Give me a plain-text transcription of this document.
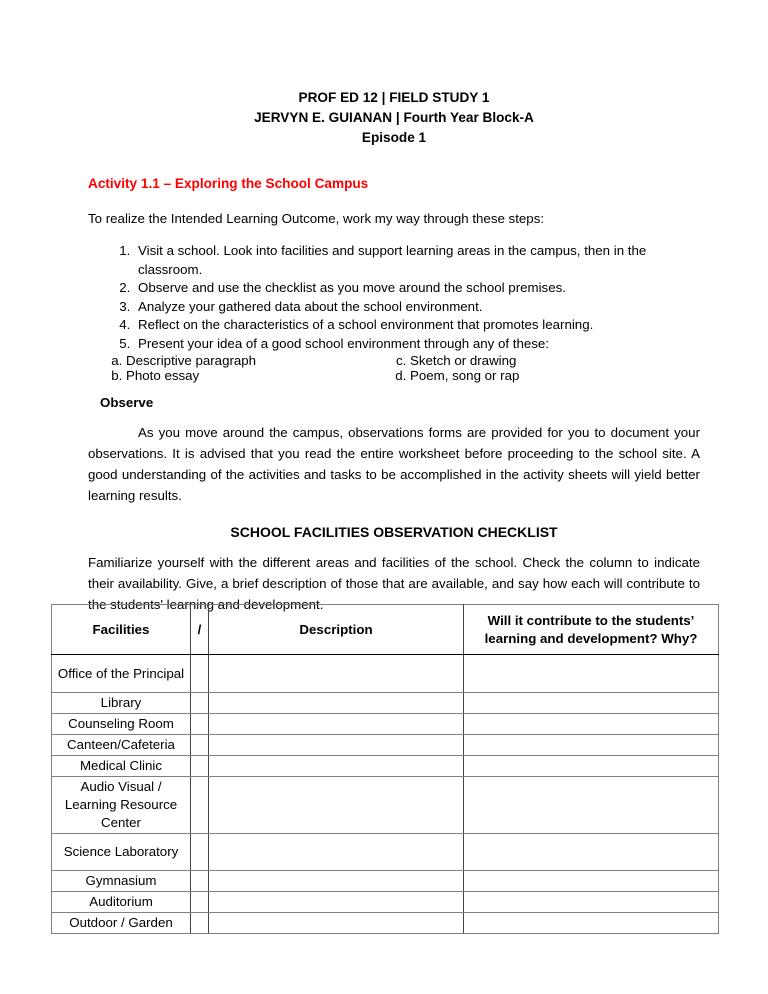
PROF ED 12 | FIELD STUDY 1
JERVYN E. GUIANAN | Fourth Year Block-A
Episode 1
Activity 1.1 – Exploring the School Campus
To realize the Intended Learning Outcome, work my way through these steps:
1. Visit a school. Look into facilities and support learning areas in the campus, then in the classroom.
2. Observe and use the checklist as you move around the school premises.
3. Analyze your gathered data about the school environment.
4. Reflect on the characteristics of a school environment that promotes learning.
5. Present your idea of a good school environment through any of these:
a. Descriptive paragraph
b. Photo essay
c. Sketch or drawing
d. Poem, song or rap
Observe
As you move around the campus, observations forms are provided for you to document your observations. It is advised that you read the entire worksheet before proceeding to the school site. A good understanding of the activities and tasks to be accomplished in the activity sheets will yield better learning results.
SCHOOL FACILITIES OBSERVATION CHECKLIST
Familiarize yourself with the different areas and facilities of the school. Check the column to indicate their availability. Give, a brief description of those that are available, and say how each will contribute to the students' learning and development.
Facilities	/	Description	Will it contribute to the students’ learning and development? Why?
Office of the Principal			
Library			
Counseling Room			
Canteen/Cafeteria			
Medical Clinic			
Audio Visual / Learning Resource Center			
Science Laboratory			
Gymnasium			
Auditorium			
Outdoor / Garden			
